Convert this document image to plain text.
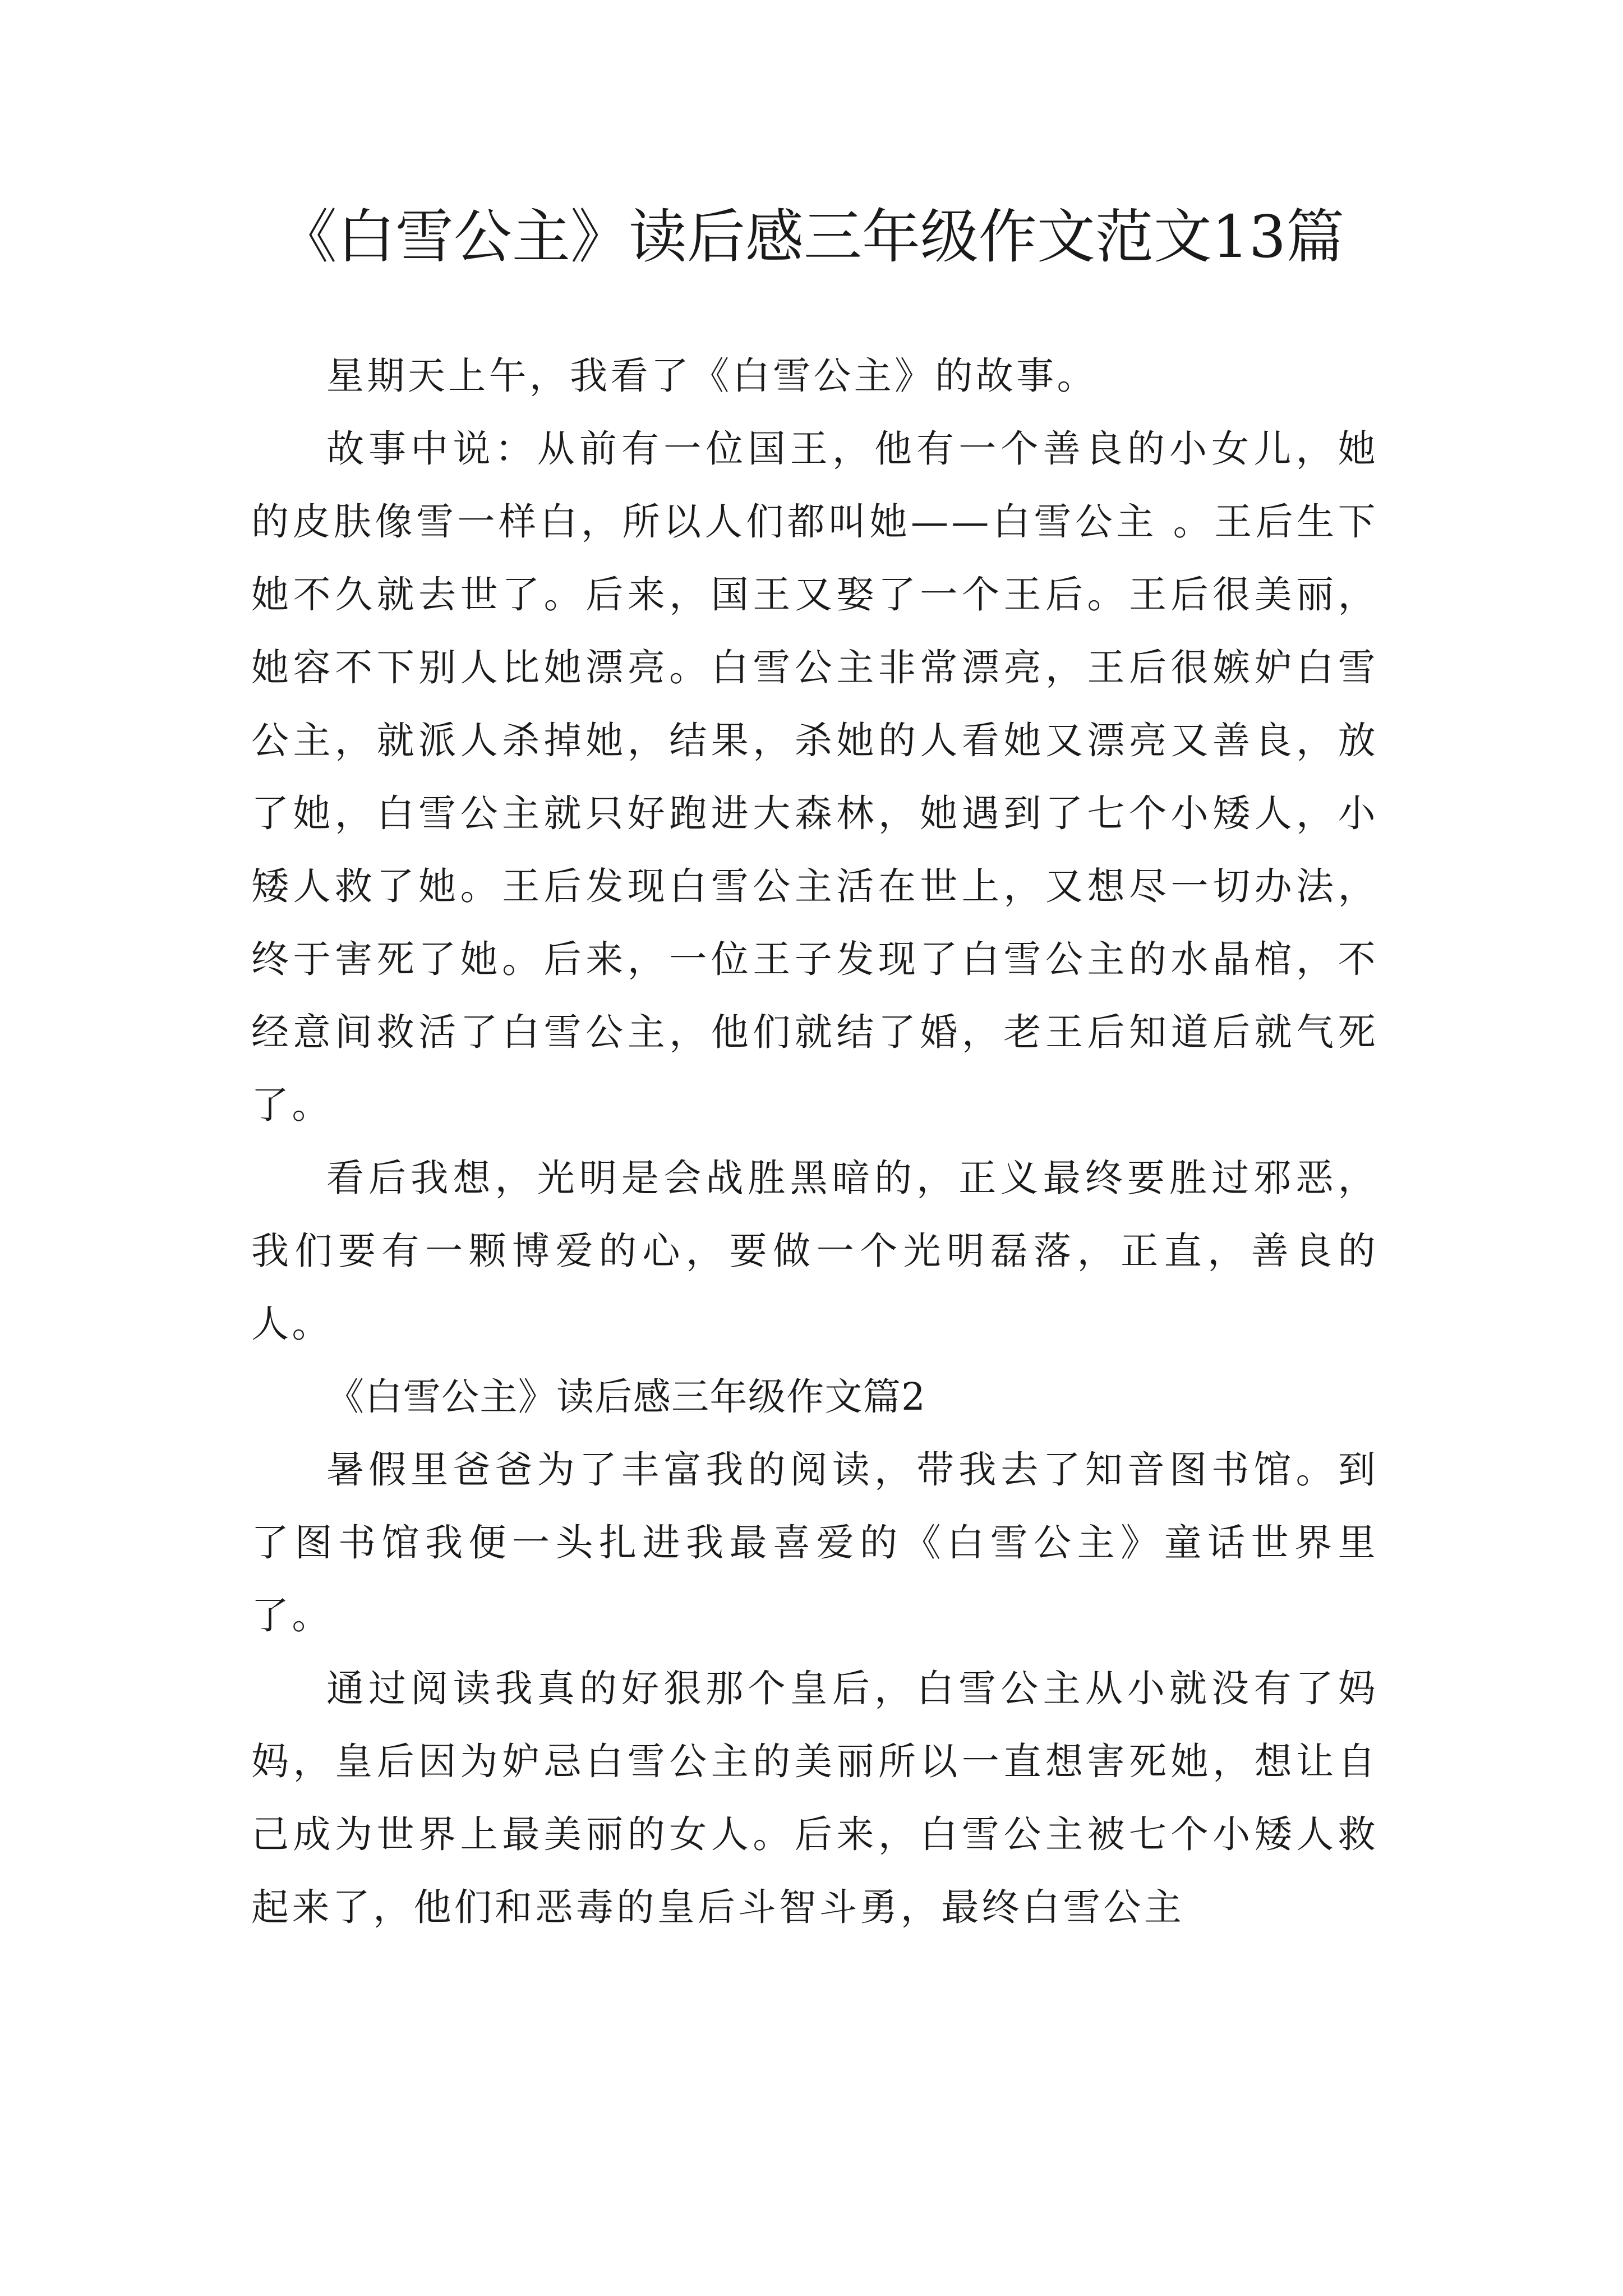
《白雪公主》读后感三年级作文范文13篇

星期天上午，我看了《白雪公主》的故事。

故事中说：从前有一位国王，他有一个善良的小女儿，她的皮肤像雪一样白，所以人们都叫她——白雪公主 。王后生下她不久就去世了。后来，国王又娶了一个王后。王后很美丽，她容不下别人比她漂亮。白雪公主非常漂亮，王后很嫉妒白雪公主，就派人杀掉她，结果，杀她的人看她又漂亮又善良，放了她，白雪公主就只好跑进大森林，她遇到了七个小矮人，小矮人救了她。王后发现白雪公主活在世上，又想尽一切办法，终于害死了她。后来，一位王子发现了白雪公主的水晶棺，不经意间救活了白雪公主，他们就结了婚，老王后知道后就气死了。

看后我想，光明是会战胜黑暗的，正义最终要胜过邪恶，我们要有一颗博爱的心，要做一个光明磊落，正直，善良的人。

《白雪公主》读后感三年级作文篇2

暑假里爸爸为了丰富我的阅读，带我去了知音图书馆。到了图书馆我便一头扎进我最喜爱的《白雪公主》童话世界里了。

通过阅读我真的好狠那个皇后，白雪公主从小就没有了妈妈，皇后因为妒忌白雪公主的美丽所以一直想害死她，想让自己成为世界上最美丽的女人。后来，白雪公主被七个小矮人救起来了，他们和恶毒的皇后斗智斗勇，最终白雪公主
